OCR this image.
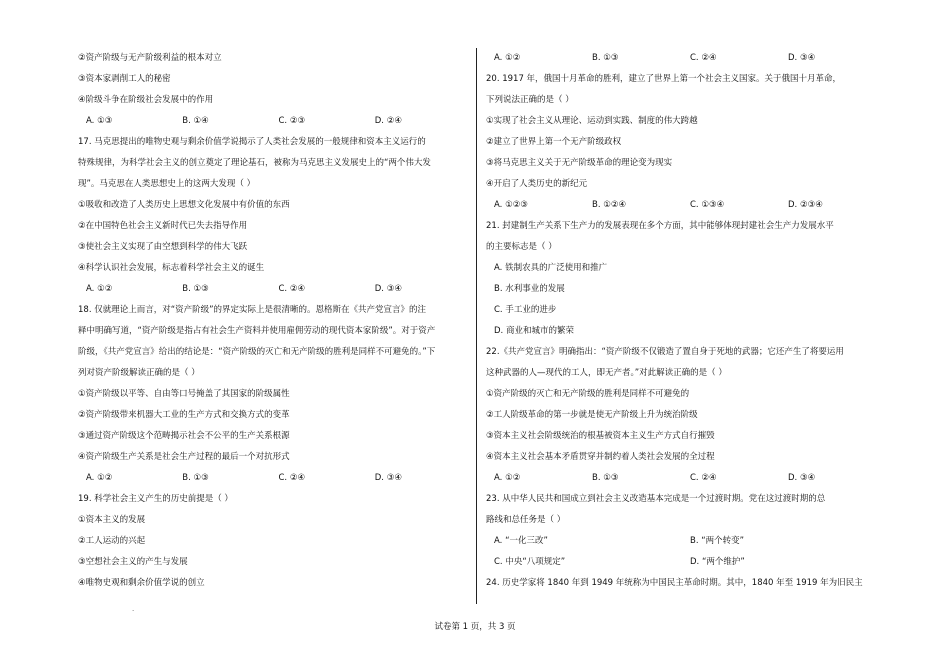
②资产阶级与无产阶级利益的根本对立
③资本家剥削工人的秘密
④阶级斗争在阶级社会发展中的作用
A. ①③	B. ①④	C. ②③	D. ②④
17. 马克思提出的唯物史观与剩余价值学说揭示了人类社会发展的一般规律和资本主义运行的
特殊规律，为科学社会主义的创立奠定了理论基石，被称为马克思主义发展史上的“两个伟大发
现”。马克思在人类思想史上的这两大发现（ ）
①吸收和改造了人类历史上思想文化发展中有价值的东西
②在中国特色社会主义新时代已失去指导作用
③使社会主义实现了由空想到科学的伟大飞跃
④科学认识社会发展，标志着科学社会主义的诞生
A. ①②	B. ①③	C. ②④	D. ③④
18. 仅就理论上而言，对“资产阶级”的界定实际上是很清晰的。恩格斯在《共产党宣言》的注
释中明确写道，“资产阶级是指占有社会生产资料并使用雇佣劳动的现代资本家阶级”。对于资产
阶级，《共产党宣言》给出的结论是：“资产阶级的灭亡和无产阶级的胜利是同样不可避免的。”下
列对资产阶级解读正确的是（ ）
①资产阶级以平等、自由等口号掩盖了其国家的阶级属性
②资产阶级带来机器大工业的生产方式和交换方式的变革
③通过资产阶级这个范畴揭示社会不公平的生产关系根源
④资产阶级生产关系是社会生产过程的最后一个对抗形式
A. ①②	B. ①③	C. ②④	D. ③④
19. 科学社会主义产生的历史前提是（ ）
①资本主义的发展
②工人运动的兴起
③空想社会主义的产生与发展
④唯物史观和剩余价值学说的创立
A. ①②	B. ①③	C. ②④	D. ③④
20. 1917 年，俄国十月革命的胜利，建立了世界上第一个社会主义国家。关于俄国十月革命，
下列说法正确的是（ ）
①实现了社会主义从理论、运动到实践、制度的伟大跨越
②建立了世界上第一个无产阶级政权
③将马克思主义关于无产阶级革命的理论变为现实
④开启了人类历史的新纪元
A. ①②③	B. ①②④	C. ①③④	D. ②③④
21. 封建制生产关系下生产力的发展表现在多个方面，其中能够体现封建社会生产力发展水平
的主要标志是（ ）
A. 铁制农具的广泛使用和推广
B. 水利事业的发展
C. 手工业的进步
D. 商业和城市的繁荣
22.《共产党宣言》明确指出：“资产阶级不仅锻造了置自身于死地的武器；它还产生了将要运用
这种武器的人—现代的工人，即无产者。”对此解读正确的是（ ）
①资产阶级的灭亡和无产阶级的胜利是同样不可避免的
②工人阶级革命的第一步就是使无产阶级上升为统治阶级
③资本主义社会阶级统治的根基被资本主义生产方式自行摧毁
④资本主义社会基本矛盾贯穿并制约着人类社会发展的全过程
A. ①②	B. ①③	C. ②④	D. ③④
23. 从中华人民共和国成立到社会主义改造基本完成是一个过渡时期。党在这过渡时期的总
路线和总任务是（ ）
A. “一化三改”	B. “两个转变”
C. 中央“八项规定”	D. “两个维护”
24. 历史学家将 1840 年到 1949 年统称为中国民主革命时期。其中，1840 年至 1919 年为旧民主
·
试卷第 1 页，共 3 页
